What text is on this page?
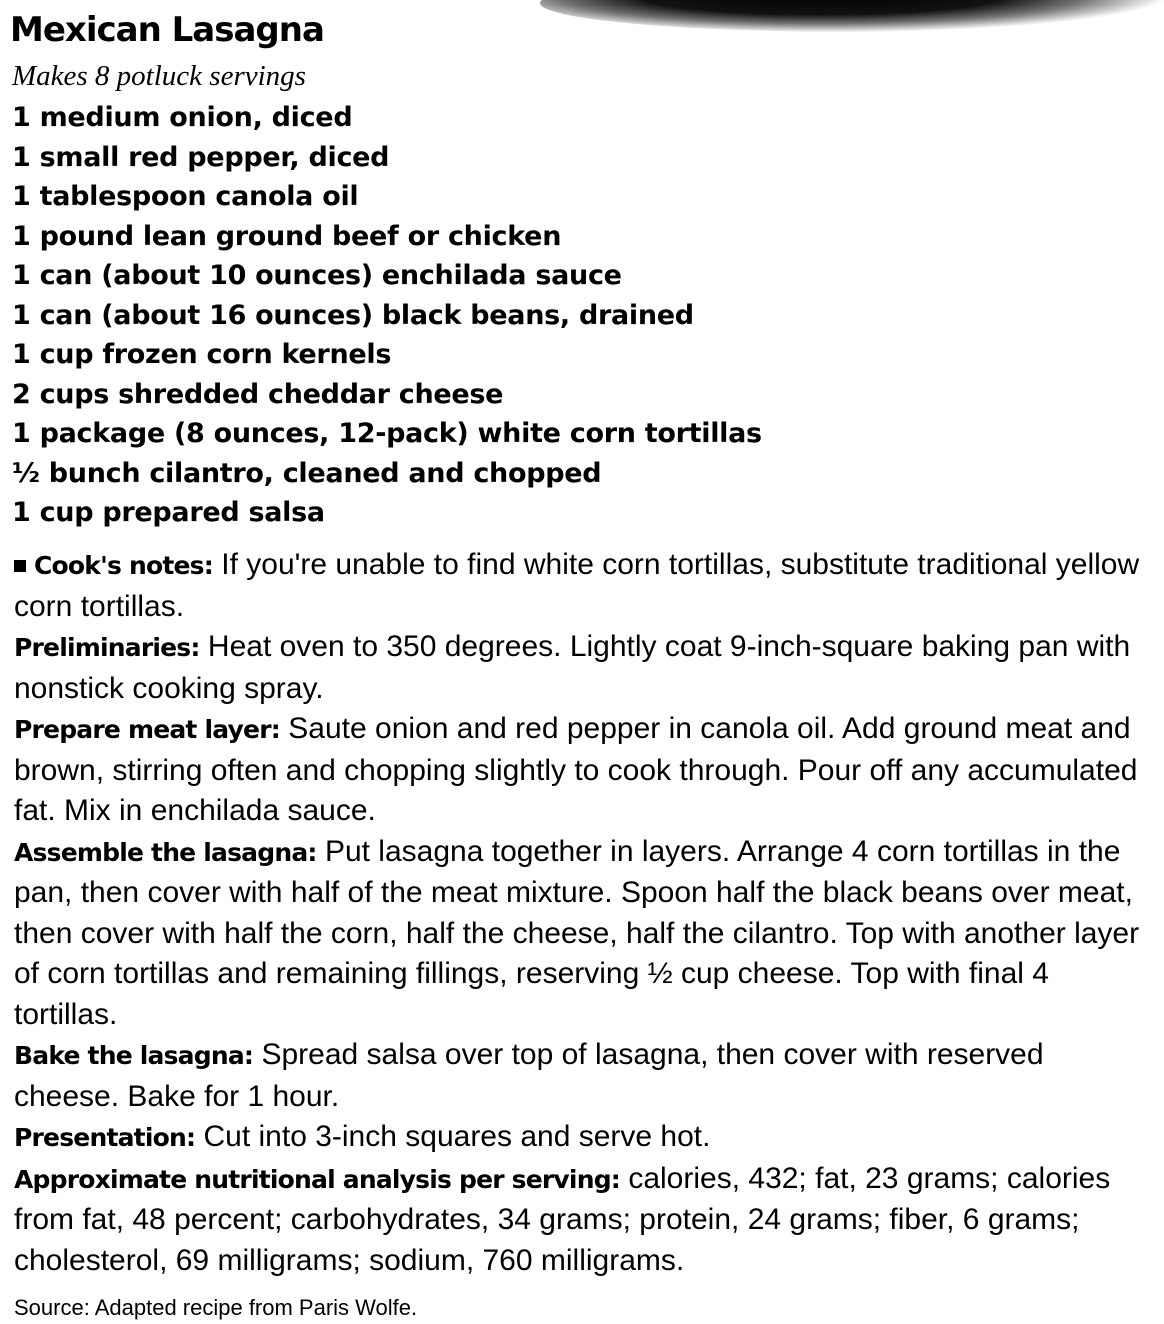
Mexican Lasagna
Makes 8 potluck servings
1 medium onion, diced
1 small red pepper, diced
1 tablespoon canola oil
1 pound lean ground beef or chicken
1 can (about 10 ounces) enchilada sauce
1 can (about 16 ounces) black beans, drained
1 cup frozen corn kernels
2 cups shredded cheddar cheese
1 package (8 ounces, 12-pack) white corn tortillas
½ bunch cilantro, cleaned and chopped
1 cup prepared salsa

Cook's notes: If you're unable to find white corn tortillas, substitute traditional yellow corn tortillas.

Preliminaries: Heat oven to 350 degrees. Lightly coat 9-inch-square baking pan with nonstick cooking spray.

Prepare meat layer: Saute onion and red pepper in canola oil. Add ground meat and brown, stirring often and chopping slightly to cook through. Pour off any accumulated fat. Mix in enchilada sauce.

Assemble the lasagna: Put lasagna together in layers. Arrange 4 corn tortillas in the pan, then cover with half of the meat mixture. Spoon half the black beans over meat, then cover with half the corn, half the cheese, half the cilantro. Top with another layer of corn tortillas and remaining fillings, reserving ½ cup cheese. Top with final 4 tortillas.

Bake the lasagna: Spread salsa over top of lasagna, then cover with reserved cheese. Bake for 1 hour.

Presentation: Cut into 3-inch squares and serve hot.

Approximate nutritional analysis per serving: calories, 432; fat, 23 grams; calories from fat, 48 percent; carbohydrates, 34 grams; protein, 24 grams; fiber, 6 grams; cholesterol, 69 milligrams; sodium, 760 milligrams.

Source: Adapted recipe from Paris Wolfe.
